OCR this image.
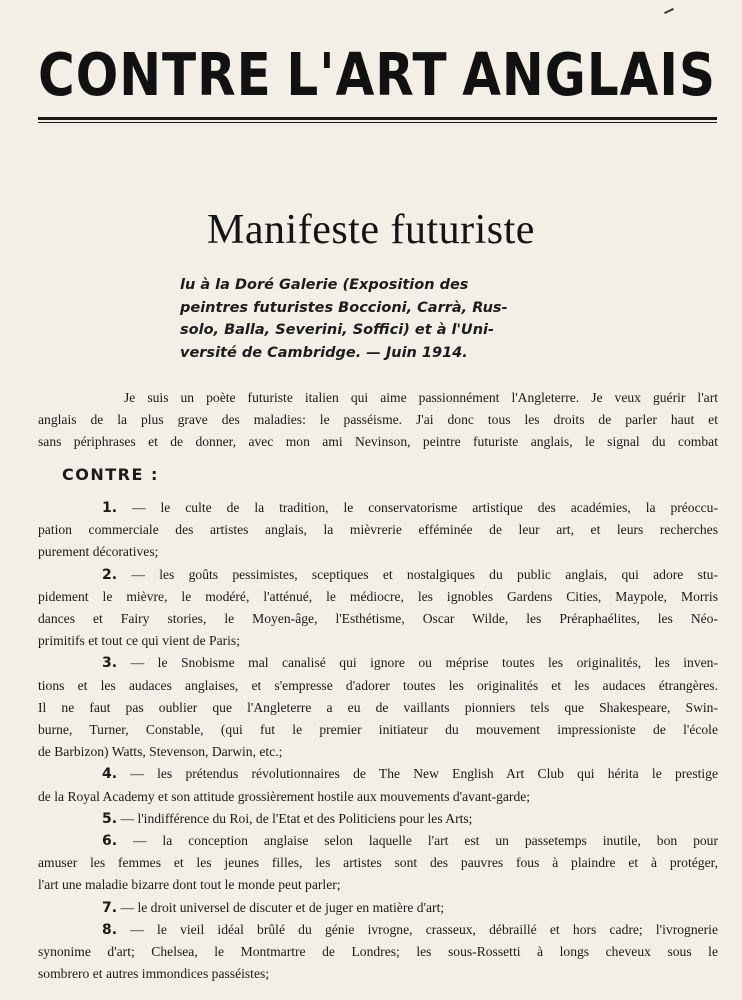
CONTRE L'ART ANGLAIS
Manifeste futuriste
lu à la Doré Galerie (Exposition des
peintres futuristes Boccioni, Carrà, Rus-
solo, Balla, Severini, Soffici) et à l'Uni-
versité de Cambridge. — Juin 1914.
Je suis un poète futuriste italien qui aime passionnément l'Angleterre. Je veux guérir l'art
anglais de la plus grave des maladies: le passéisme. J'ai donc tous les droits de parler haut et
sans périphrases et de donner, avec mon ami Nevinson, peintre futuriste anglais, le signal du combat
CONTRE :
1. — le culte de la tradition, le conservatorisme artistique des académies, la préoccu-
pation commerciale des artistes anglais, la mièvrerie efféminée de leur art, et leurs recherches
purement décoratives;
2. — les goûts pessimistes, sceptiques et nostalgiques du public anglais, qui adore stu-
pidement le mièvre, le modéré, l'atténué, le médiocre, les ignobles Gardens Cities, Maypole, Morris
dances et Fairy stories, le Moyen-âge, l'Esthétisme, Oscar Wilde, les Préraphaélites, les Néo-
primitifs et tout ce qui vient de Paris;
3. — le Snobisme mal canalisé qui ignore ou méprise toutes les originalités, les inven-
tions et les audaces anglaises, et s'empresse d'adorer toutes les originalités et les audaces étrangères.
Il ne faut pas oublier que l'Angleterre a eu de vaillants pionniers tels que Shakespeare, Swin-
burne, Turner, Constable, (qui fut le premier initiateur du mouvement impressioniste de l'école
de Barbizon) Watts, Stevenson, Darwin, etc.;
4. — les prétendus révolutionnaires de The New English Art Club qui hérita le prestige
de la Royal Academy et son attitude grossièrement hostile aux mouvements d'avant-garde;
5. — l'indifférence du Roi, de l'Etat et des Politiciens pour les Arts;
6. — la conception anglaise selon laquelle l'art est un passetemps inutile, bon pour
amuser les femmes et les jeunes filles, les artistes sont des pauvres fous à plaindre et à protéger,
l'art une maladie bizarre dont tout le monde peut parler;
7. — le droit universel de discuter et de juger en matière d'art;
8. — le vieil idéal brûlé du génie ivrogne, crasseux, débraillé et hors cadre; l'ivrognerie
synonime d'art; Chelsea, le Montmartre de Londres; les sous-Rossetti à longs cheveux sous le
sombrero et autres immondices passéistes;
